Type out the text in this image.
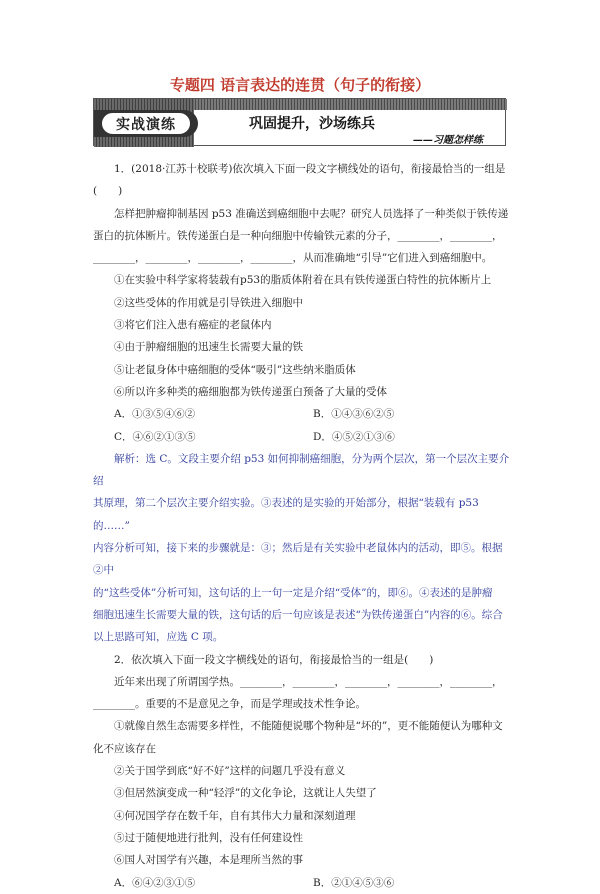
专题四 语言表达的连贯（句子的衔接）
实战演练	巩固提升，沙场练兵
——习题怎样练

1．(2018·江苏十校联考)依次填入下面一段文字横线处的语句，衔接最恰当的一组是

(　　)

怎样把肿瘤抑制基因 p53 准确送到癌细胞中去呢？研究人员选择了一种类似于铁传递

蛋白的抗体断片。铁传递蛋白是一种向细胞中传输铁元素的分子，________，________，

________，________，________，________，从而准确地“引导”它们进入到癌细胞中。

①在实验中科学家将装载有p53的脂质体附着在具有铁传递蛋白特性的抗体断片上

②这些受体的作用就是引导铁进入细胞中

③将它们注入患有癌症的老鼠体内

④由于肿瘤细胞的迅速生长需要大量的铁

⑤让老鼠身体中癌细胞的受体“吸引”这些纳米脂质体

⑥所以许多种类的癌细胞都为铁传递蛋白预备了大量的受体

A．①③⑤④⑥②	B．①④③⑥②⑤
C．④⑥②①③⑤	D．④⑤②①③⑥

解析：选 C。文段主要介绍 p53 如何抑制癌细胞，分为两个层次，第一个层次主要介绍

其原理，第二个层次主要介绍实验。③表述的是实验的开始部分，根据“装载有 p53 的……”

内容分析可知，接下来的步骤就是：③；然后是有关实验中老鼠体内的活动，即⑤。根据②中

的“这些受体”分析可知，这句话的上一句一定是介绍“受体”的，即⑥。④表述的是肿瘤

细胞迅速生长需要大量的铁，这句话的后一句应该是表述“为铁传递蛋白”内容的⑥。综合

以上思路可知，应选 C 项。

2．依次填入下面一段文字横线处的语句，衔接最恰当的一组是(　　)

近年来出现了所谓国学热。________，________，________，________，________，

________。重要的不是意见之争，而是学理或技术性争论。

①就像自然生态需要多样性，不能随便说哪个物种是“坏的”，更不能随便认为哪种文

化不应该存在

②关于国学到底“好不好”这样的问题几乎没有意义

③但居然演变成一种“轻浮”的文化争论，这就让人失望了

④何况国学存在数千年，自有其伟大力量和深刻道理

⑤过于随便地进行批判，没有任何建设性

⑥国人对国学有兴趣，本是理所当然的事

A．⑥④②③①⑤	B．②①④⑤③⑥
